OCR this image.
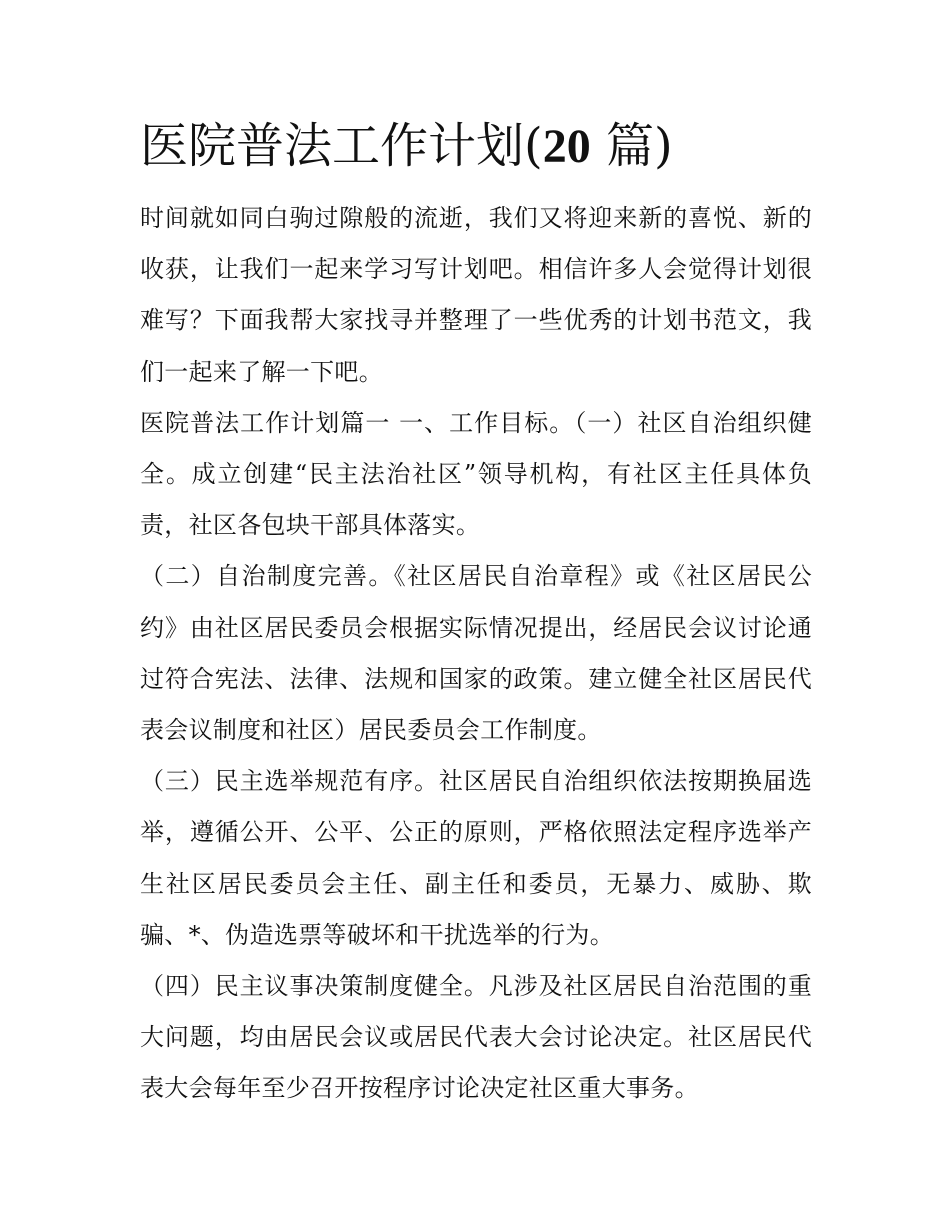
医院普法工作计划(20 篇)

时间就如同白驹过隙般的流逝，我们又将迎来新的喜悦、新的收获，让我们一起来学习写计划吧。相信许多人会觉得计划很难写？下面我帮大家找寻并整理了一些优秀的计划书范文，我们一起来了解一下吧。

医院普法工作计划篇一 一、工作目标。（一）社区自治组织健全。成立创建“民主法治社区”领导机构，有社区主任具体负责，社区各包块干部具体落实。

（二）自治制度完善。《社区居民自治章程》或《社区居民公约》由社区居民委员会根据实际情况提出，经居民会议讨论通过符合宪法、法律、法规和国家的政策。建立健全社区居民代表会议制度和社区）居民委员会工作制度。

（三）民主选举规范有序。社区居民自治组织依法按期换届选举，遵循公开、公平、公正的原则，严格依照法定程序选举产生社区居民委员会主任、副主任和委员，无暴力、威胁、欺骗、*、伪造选票等破坏和干扰选举的行为。

（四）民主议事决策制度健全。凡涉及社区居民自治范围的重大问题，均由居民会议或居民代表大会讨论决定。社区居民代表大会每年至少召开按程序讨论决定社区重大事务。
